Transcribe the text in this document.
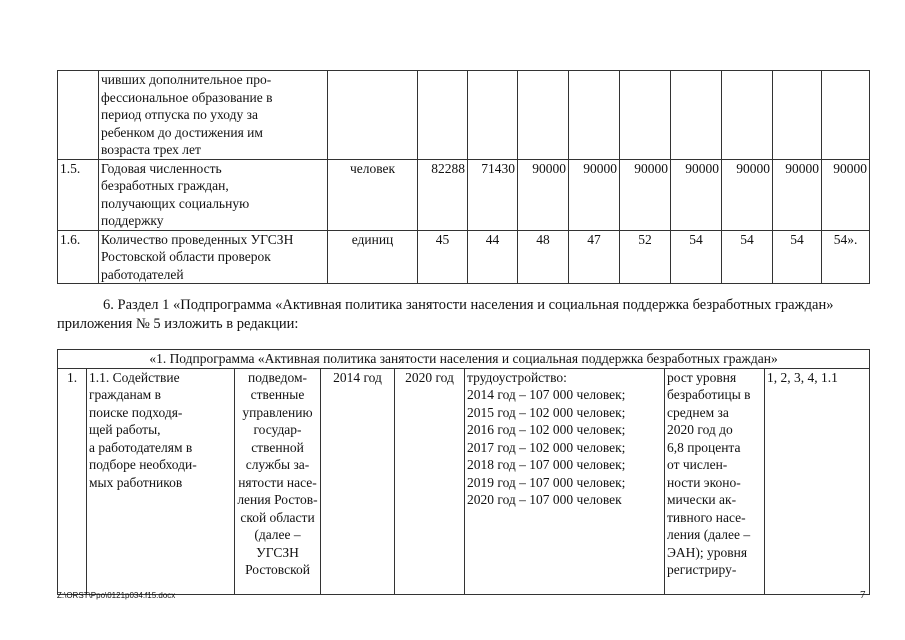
	чивших дополнительное про-
фессиональное образование в
период отпуска по уходу за
ребенком до достижения им
возраста трех лет										
1.5.	Годовая численность
безработных граждан,
получающих социальную
поддержку	человек	82288	71430	90000	90000	90000	90000	90000	90000	90000
1.6.	Количество проведенных УГСЗН
Ростовской области проверок
работодателей	единиц	45	44	48	47	52	54	54	54	54».
6. Раздел 1 «Подпрограмма «Активная политика занятости населения и социальная поддержка безработных граждан»
приложения № 5 изложить в редакции:
«1. Подпрограмма «Активная политика занятости населения и социальная поддержка безработных граждан»
1.	1.1. Содействие
гражданам в
поиске подходя-
щей работы,
а работодателям в
подборе необходи-
мых работников	подведом-
ственные
управлению
государ-
ственной
службы за-
нятости насе-
ления Ростов-
ской области
(далее –
УГСЗН
Ростовской	2014 год	2020 год	трудоустройство:
2014 год – 107 000 человек;
2015 год – 102 000 человек;
2016 год – 102 000 человек;
2017 год – 102 000 человек;
2018 год – 107 000 человек;
2019 год – 107 000 человек;
2020 год – 107 000 человек	рост уровня
безработицы в
среднем за
2020 год до
6,8 процента
от числен-
ности эконо-
мически ак-
тивного насе-
ления (далее –
ЭАН); уровня
регистриру-	1, 2, 3, 4, 1.1
Z:\ORST\Ppo\0121p034.f15.docx	7
